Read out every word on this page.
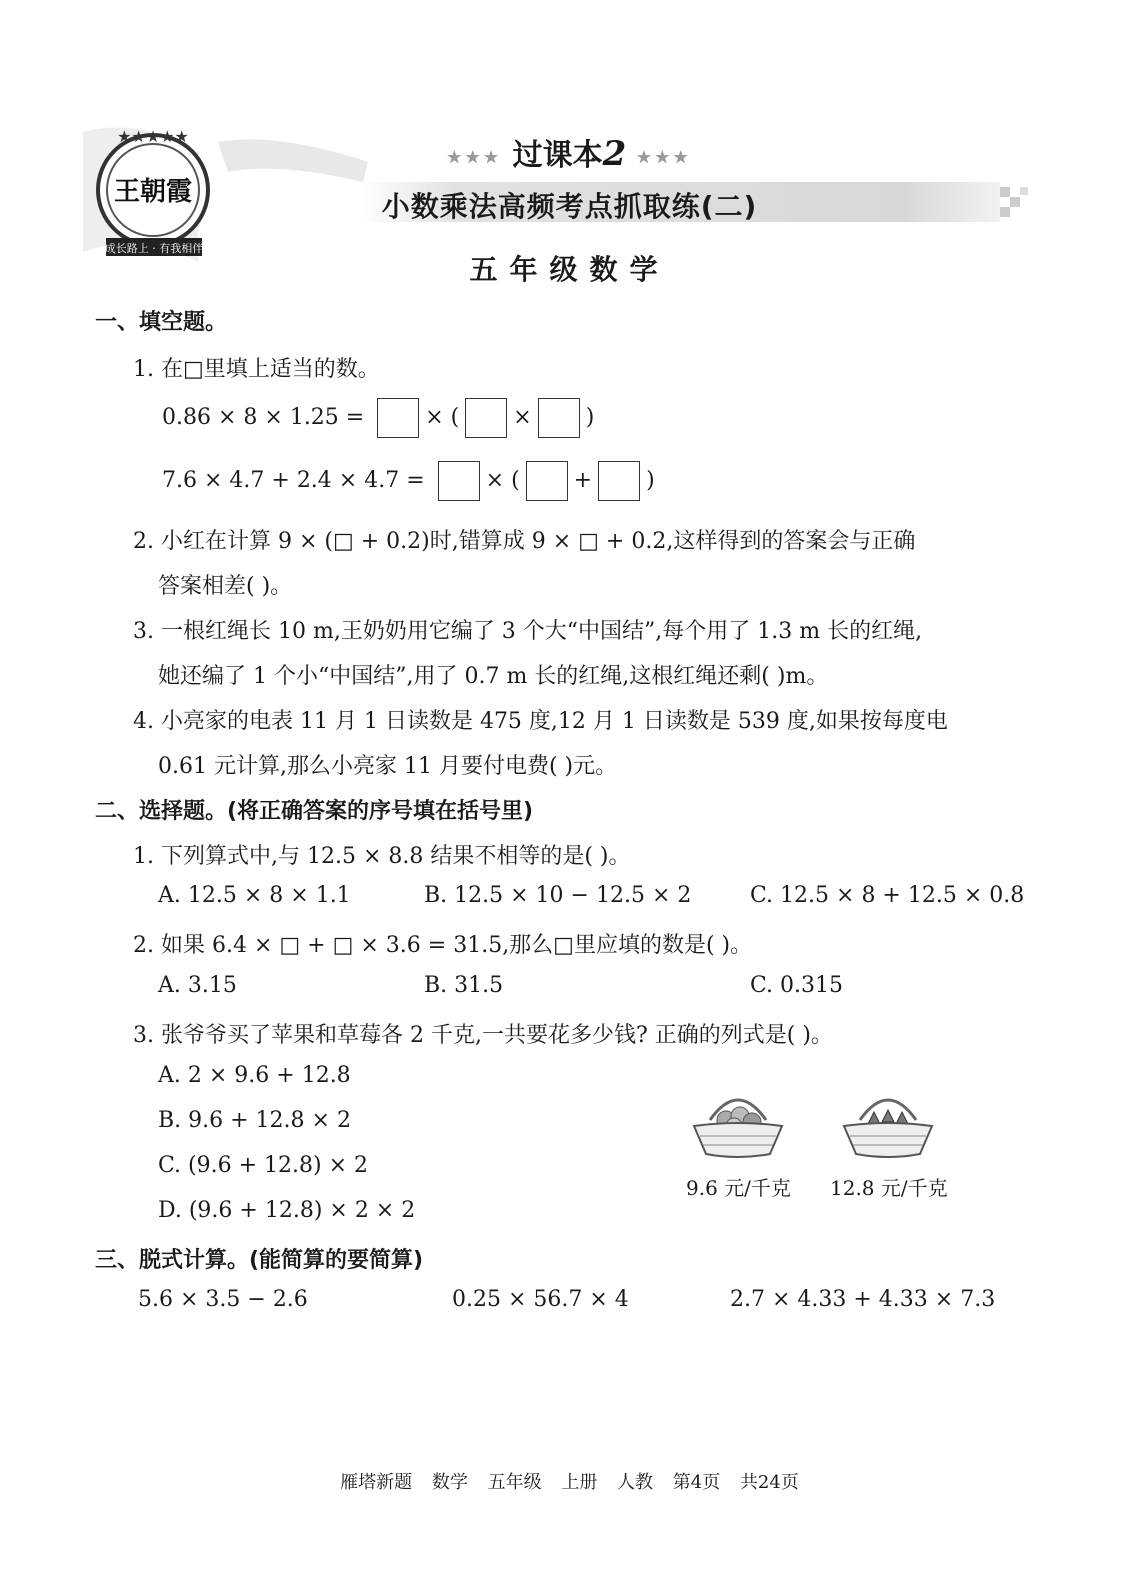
★★★★★
王朝霞
成长路上 · 有我相伴
★★★ 过课本2 ★★★
小数乘法高频考点抓取练(二)
五年级数学
一、填空题。
1. 在□里填上适当的数。
0.86 × 8 × 1.25 =	× ( × )
7.6 × 4.7 + 2.4 × 4.7 =	× ( + )
2. 小红在计算 9 × (□ + 0.2)时,错算成 9 × □ + 0.2,这样得到的答案会与正确
答案相差( )。
3. 一根红绳长 10 m,王奶奶用它编了 3 个大“中国结”,每个用了 1.3 m 长的红绳,
她还编了 1 个小“中国结”,用了 0.7 m 长的红绳,这根红绳还剩( )m。
4. 小亮家的电表 11 月 1 日读数是 475 度,12 月 1 日读数是 539 度,如果按每度电
0.61 元计算,那么小亮家 11 月要付电费( )元。
二、选择题。(将正确答案的序号填在括号里)
1. 下列算式中,与 12.5 × 8.8 结果不相等的是( )。
A. 12.5 × 8 × 1.1	B. 12.5 × 10 − 12.5 × 2	C. 12.5 × 8 + 12.5 × 0.8
2. 如果 6.4 × □ + □ × 3.6 = 31.5,那么□里应填的数是( )。
A. 3.15	B. 31.5	C. 0.315
3. 张爷爷买了苹果和草莓各 2 千克,一共要花多少钱? 正确的列式是( )。
A. 2 × 9.6 + 12.8
B. 9.6 + 12.8 × 2
C. (9.6 + 12.8) × 2
D. (9.6 + 12.8) × 2 × 2
9.6 元/千克 12.8 元/千克
三、脱式计算。(能简算的要简算)
5.6 × 3.5 − 2.6	0.25 × 56.7 × 4	2.7 × 4.33 + 4.33 × 7.3
雁塔新题 数学 五年级 上册 人教 第4页 共24页
